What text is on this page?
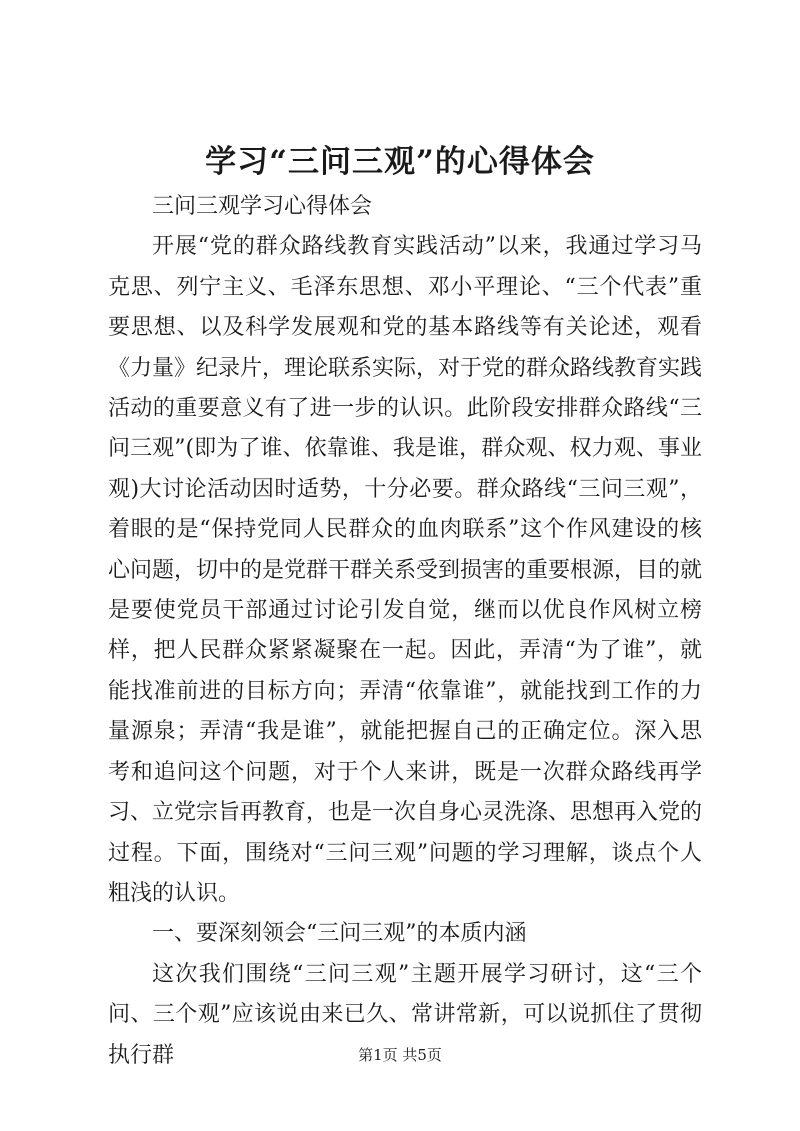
学习“三问三观”的心得体会

三问三观学习心得体会

开展“党的群众路线教育实践活动”以来，我通过学习马克思、列宁主义、毛泽东思想、邓小平理论、“三个代表”重要思想、以及科学发展观和党的基本路线等有关论述，观看《力量》纪录片，理论联系实际，对于党的群众路线教育实践活动的重要意义有了进一步的认识。此阶段安排群众路线“三问三观”(即为了谁、依靠谁、我是谁，群众观、权力观、事业观)大讨论活动因时适势，十分必要。群众路线“三问三观”，着眼的是“保持党同人民群众的血肉联系”这个作风建设的核心问题，切中的是党群干群关系受到损害的重要根源，目的就是要使党员干部通过讨论引发自觉，继而以优良作风树立榜样，把人民群众紧紧凝聚在一起。因此，弄清“为了谁”，就能找准前进的目标方向；弄清“依靠谁”，就能找到工作的力量源泉；弄清“我是谁”，就能把握自己的正确定位。深入思考和追问这个问题，对于个人来讲，既是一次群众路线再学习、立党宗旨再教育，也是一次自身心灵洗涤、思想再入党的过程。下面，围绕对“三问三观”问题的学习理解，谈点个人粗浅的认识。

一、要深刻领会“三问三观”的本质内涵

这次我们围绕“三问三观”主题开展学习研讨，这“三个问、三个观”应该说由来已久、常讲常新，可以说抓住了贯彻执行群	第1页 共5页
